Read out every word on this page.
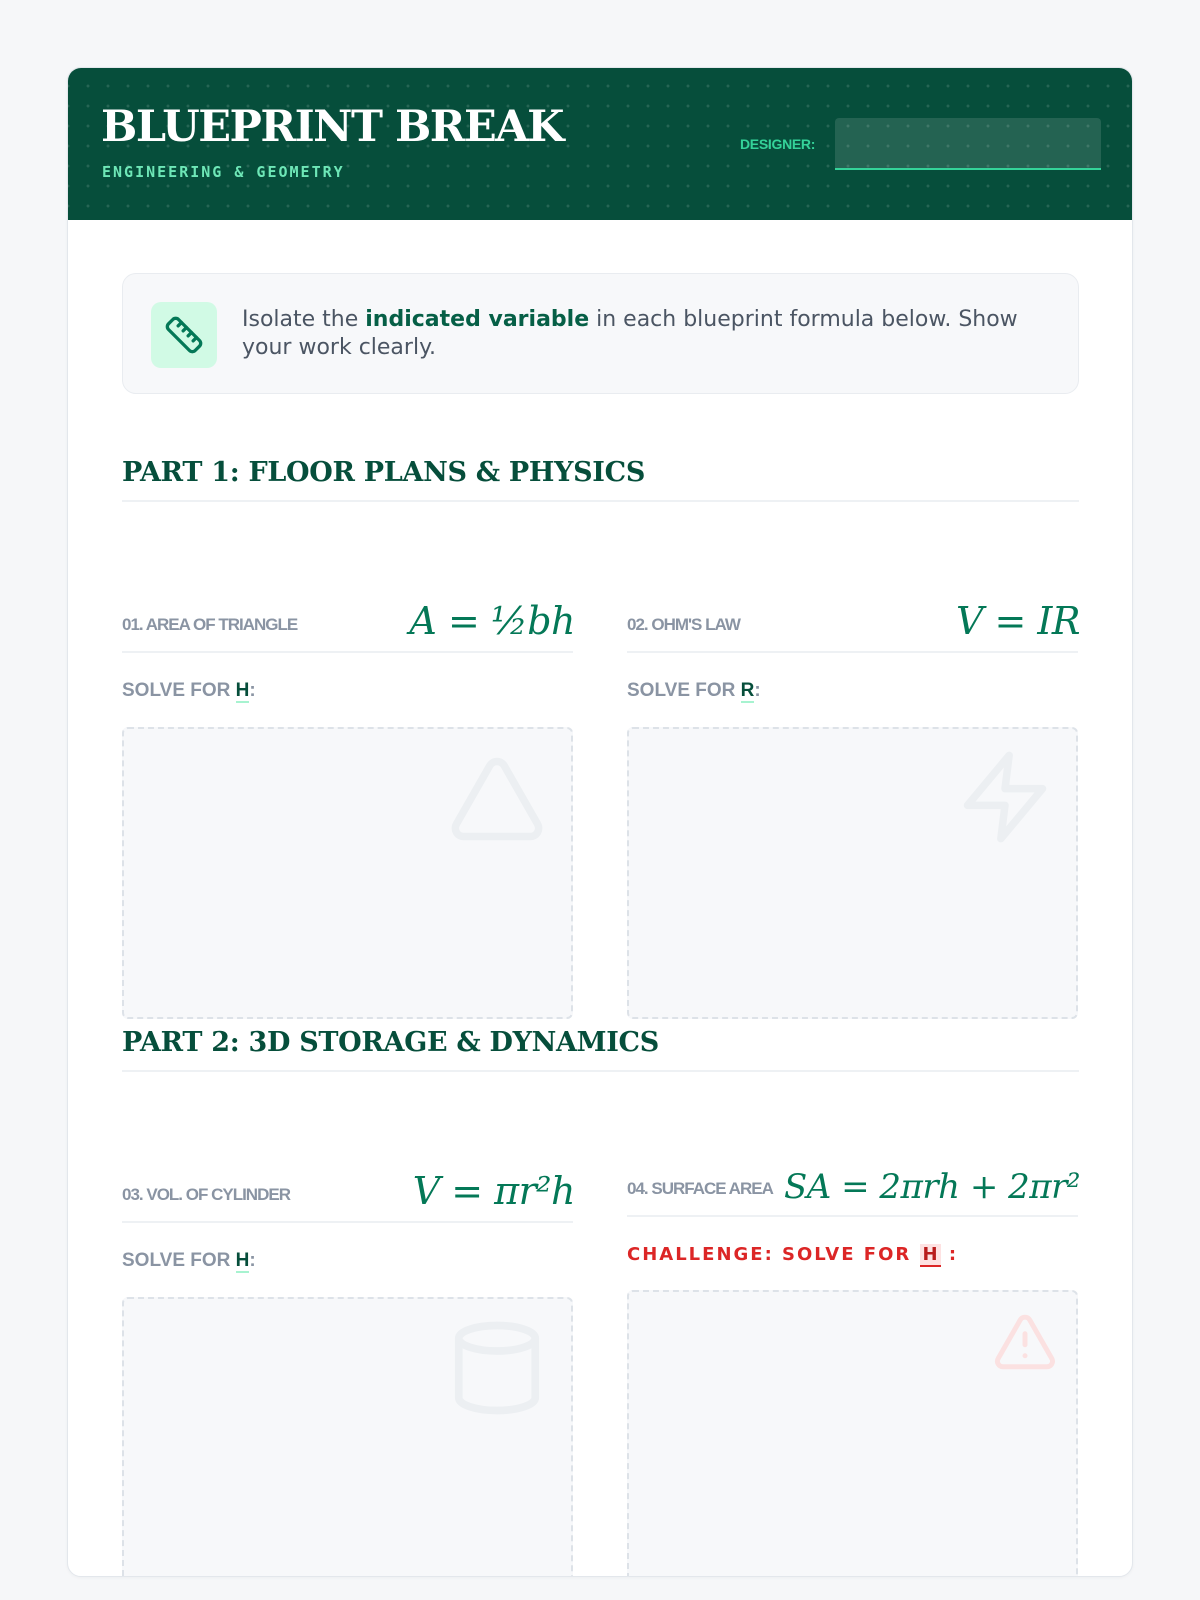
BLUEPRINT BREAK
ENGINEERING & GEOMETRY
DESIGNER:
Isolate the indicated variable in each blueprint formula below. Show your work clearly.
PART 1: FLOOR PLANS & PHYSICS
01. AREA OF TRIANGLE	A = ½bh
SOLVE FOR H:
02. OHM'S LAW	V = IR
SOLVE FOR R:
PART 2: 3D STORAGE & DYNAMICS
03. VOL. OF CYLINDER	V = πr²h
SOLVE FOR H:
04. SURFACE AREA SA = 2πrh + 2πr²
CHALLENGE: SOLVE FOR H :
